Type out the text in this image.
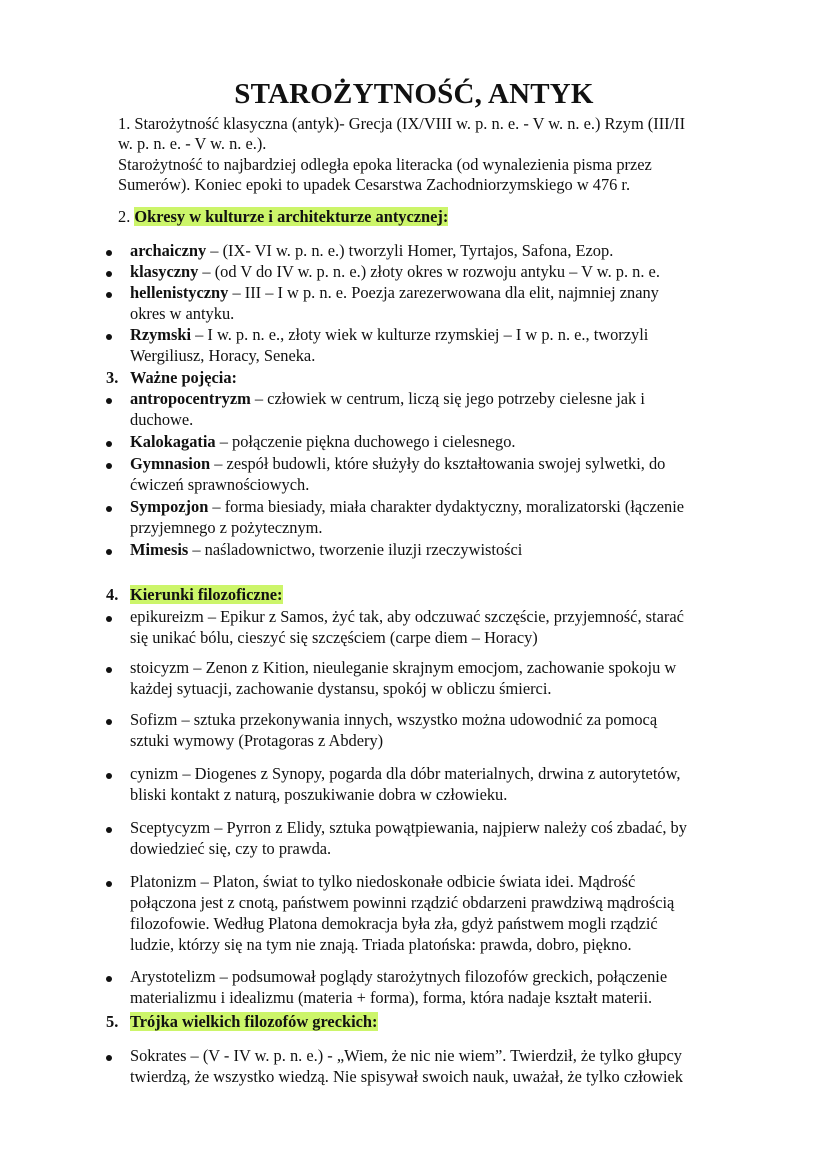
STAROŻYTNOŚĆ, ANTYK
1. Starożytność klasyczna (antyk)- Grecja (IX/VIII w. p. n. e. - V w. n. e.) Rzym (III/II
w. p. n. e. - V w. n. e.).
Starożytność to najbardziej odległa epoka literacka (od wynalezienia pisma przez
Sumerów). Koniec epoki to upadek Cesarstwa Zachodniorzymskiego w 476 r.
2. Okresy w kulturze i architekturze antycznej:
archaiczny – (IX- VI w. p. n. e.) tworzyli Homer, Tyrtajos, Safona, Ezop.
klasyczny – (od V do IV w. p. n. e.) złoty okres w rozwoju antyku – V w. p. n. e.
hellenistyczny – III – I w p. n. e. Poezja zarezerwowana dla elit, najmniej znany
okres w antyku.
Rzymski – I w. p. n. e., złoty wiek w kulturze rzymskiej – I w p. n. e., tworzyli
Wergiliusz, Horacy, Seneka.
3. Ważne pojęcia:
antropocentryzm – człowiek w centrum, liczą się jego potrzeby cielesne jak i
duchowe.
Kalokagatia – połączenie piękna duchowego i cielesnego.
Gymnasion – zespół budowli, które służyły do kształtowania swojej sylwetki, do
ćwiczeń sprawnościowych.
Sympozjon – forma biesiady, miała charakter dydaktyczny, moralizatorski (łączenie
przyjemnego z pożytecznym.
Mimesis – naśladownictwo, tworzenie iluzji rzeczywistości
4. Kierunki filozoficzne:
epikureizm – Epikur z Samos, żyć tak, aby odczuwać szczęście, przyjemność, starać
się unikać bólu, cieszyć się szczęściem (carpe diem – Horacy)
stoicyzm – Zenon z Kition, nieuleganie skrajnym emocjom, zachowanie spokoju w
każdej sytuacji, zachowanie dystansu, spokój w obliczu śmierci.
Sofizm – sztuka przekonywania innych, wszystko można udowodnić za pomocą
sztuki wymowy (Protagoras z Abdery)
cynizm – Diogenes z Synopy, pogarda dla dóbr materialnych, drwina z autorytetów,
bliski kontakt z naturą, poszukiwanie dobra w człowieku.
Sceptycyzm – Pyrron z Elidy, sztuka powątpiewania, najpierw należy coś zbadać, by
dowiedzieć się, czy to prawda.
Platonizm – Platon, świat to tylko niedoskonałe odbicie świata idei. Mądrość
połączona jest z cnotą, państwem powinni rządzić obdarzeni prawdziwą mądrością
filozofowie. Według Platona demokracja była zła, gdyż państwem mogli rządzić
ludzie, którzy się na tym nie znają. Triada platońska: prawda, dobro, piękno.
Arystotelizm – podsumował poglądy starożytnych filozofów greckich, połączenie
materializmu i idealizmu (materia + forma), forma, która nadaje kształt materii.
5. Trójka wielkich filozofów greckich:
Sokrates – (V - IV w. p. n. e.) - „Wiem, że nic nie wiem”. Twierdził, że tylko głupcy
twierdzą, że wszystko wiedzą. Nie spisywał swoich nauk, uważał, że tylko człowiek
